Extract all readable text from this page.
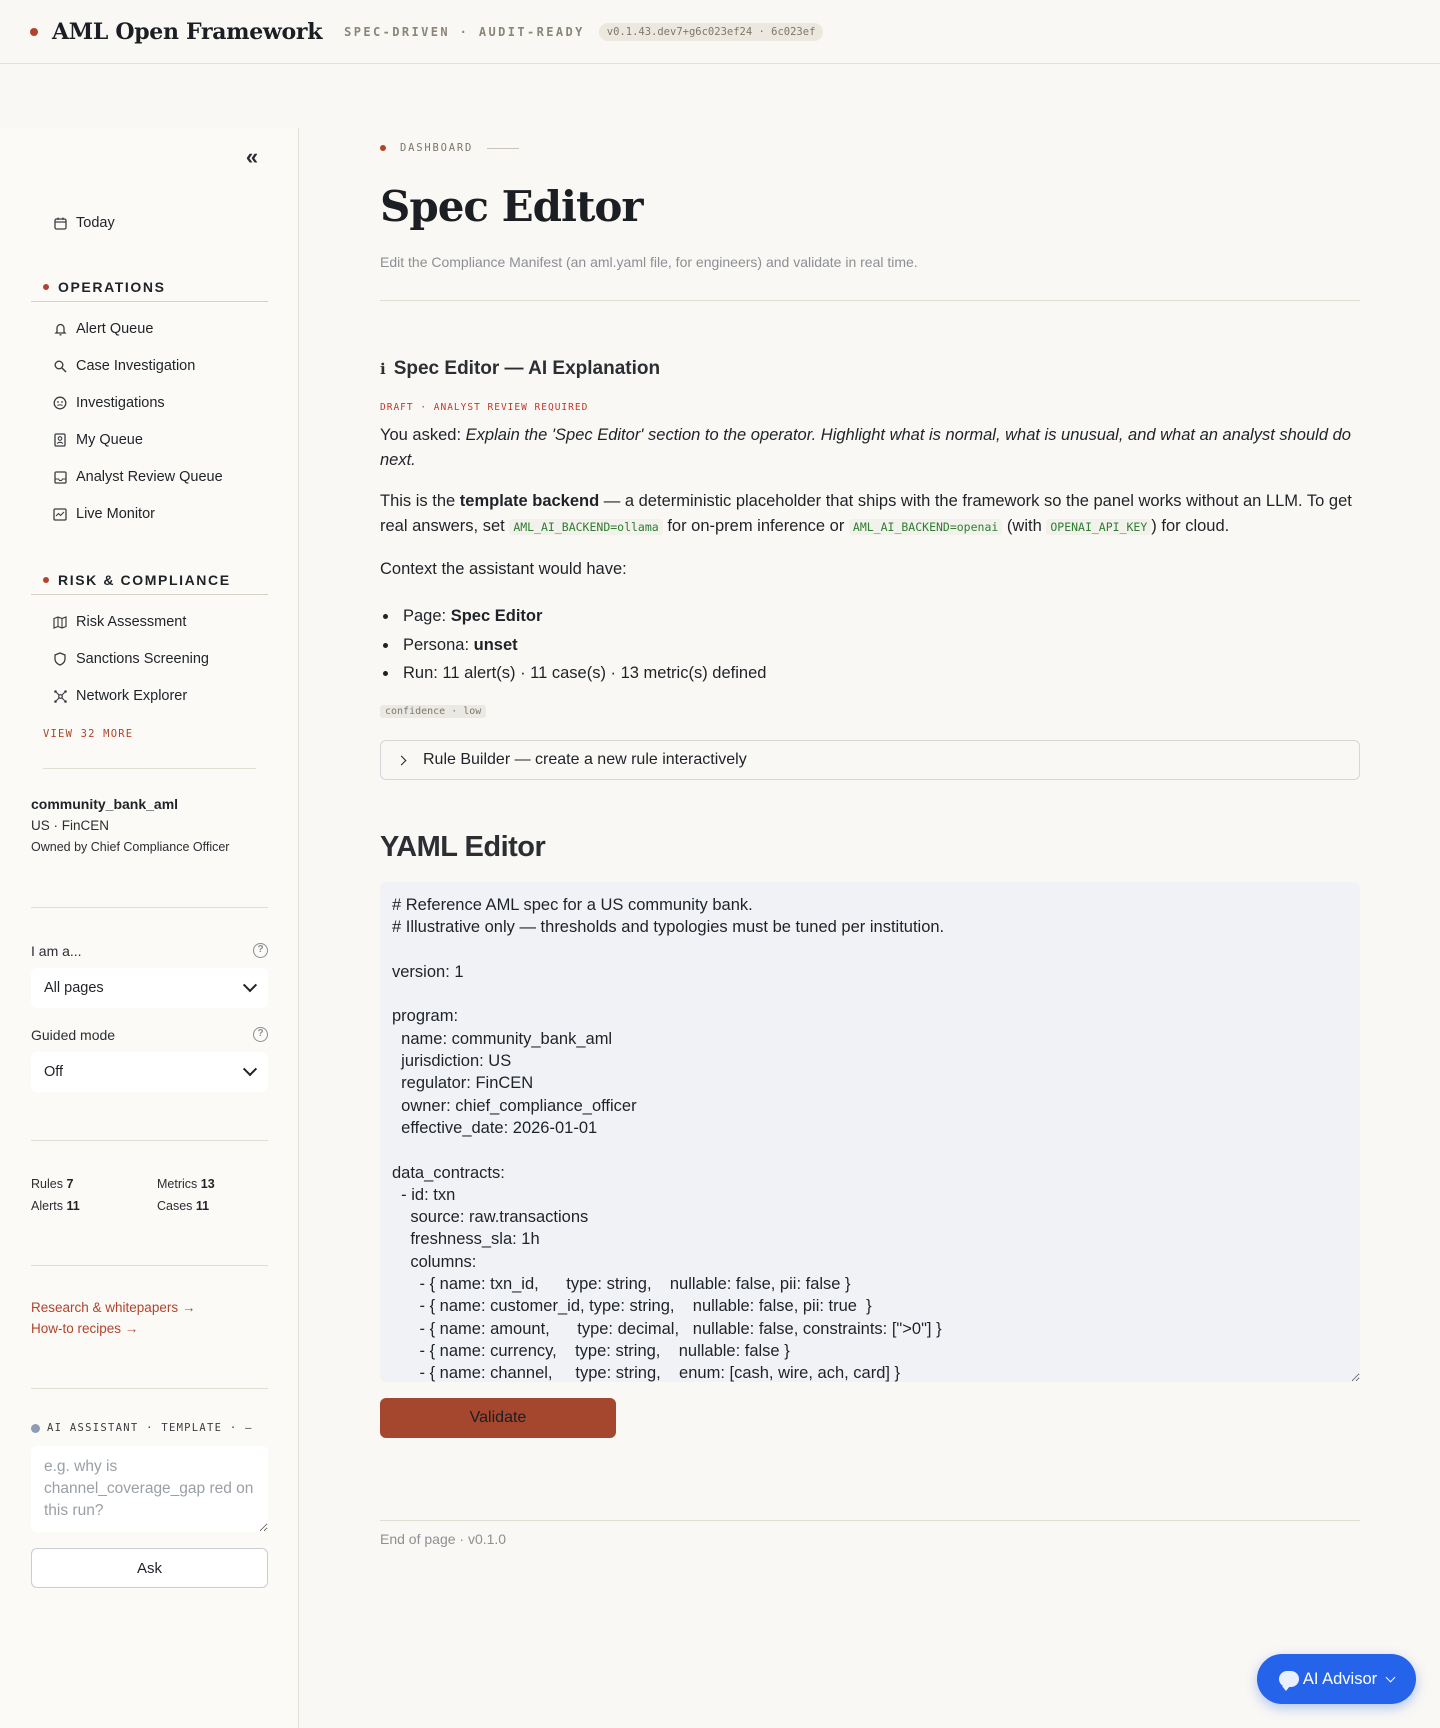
AML Open Framework SPEC-DRIVEN · AUDIT-READY	v0.1.43.dev7+g6c023ef24 · 6c023ef
«
Today
OPERATIONS
Alert Queue
Case Investigation
Investigations
My Queue
Analyst Review Queue
Live Monitor
RISK & COMPLIANCE
Risk Assessment
Sanctions Screening
Network Explorer
VIEW 32 MORE
community_bank_aml
US · FinCEN
Owned by Chief Compliance Officer
I am a...	?
All pages
Guided mode	?
Off
Rules 7	Metrics 13
Alerts 11	Cases 11
Research & whitepapers →
How-to recipes →
AI ASSISTANT · TEMPLATE · —
e.g. why is channel_coverage_gap red on this run?
Ask
DASHBOARD
Spec Editor
Edit the Compliance Manifest (an aml.yaml file, for engineers) and validate in real time.
ℹ Spec Editor — AI Explanation
DRAFT · ANALYST REVIEW REQUIRED

You asked: Explain the 'Spec Editor' section to the operator. Highlight what is normal, what is unusual, and what an analyst should do next.

This is the template backend — a deterministic placeholder that ships with the framework so the panel works without an LLM. To get real answers, set AML_AI_BACKEND=ollama for on-prem inference or AML_AI_BACKEND=openai (with OPENAI_API_KEY ) for cloud.

Context the assistant would have:

Page: Spec Editor
Persona: unset
Run: 11 alert(s) · 11 case(s) · 13 metric(s) defined
confidence · low
Rule Builder — create a new rule interactively
YAML Editor
# Reference AML spec for a US community bank. # Illustrative only — thresholds and typologies must be tuned per institution. version: 1 program: name: community_bank_aml jurisdiction: US regulator: FinCEN owner: chief_compliance_officer effective_date: 2026-01-01 data_contracts: - id: txn source: raw.transactions freshness_sla: 1h columns: - { name: txn_id, type: string, nullable: false, pii: false } - { name: customer_id, type: string, nullable: false, pii: true } - { name: amount, type: decimal, nullable: false, constraints: [">0"] } - { name: currency, type: string, nullable: false } - { name: channel, type: string, enum: [cash, wire, ach, card] }
Validate
End of page · v0.1.0
AI Advisor
